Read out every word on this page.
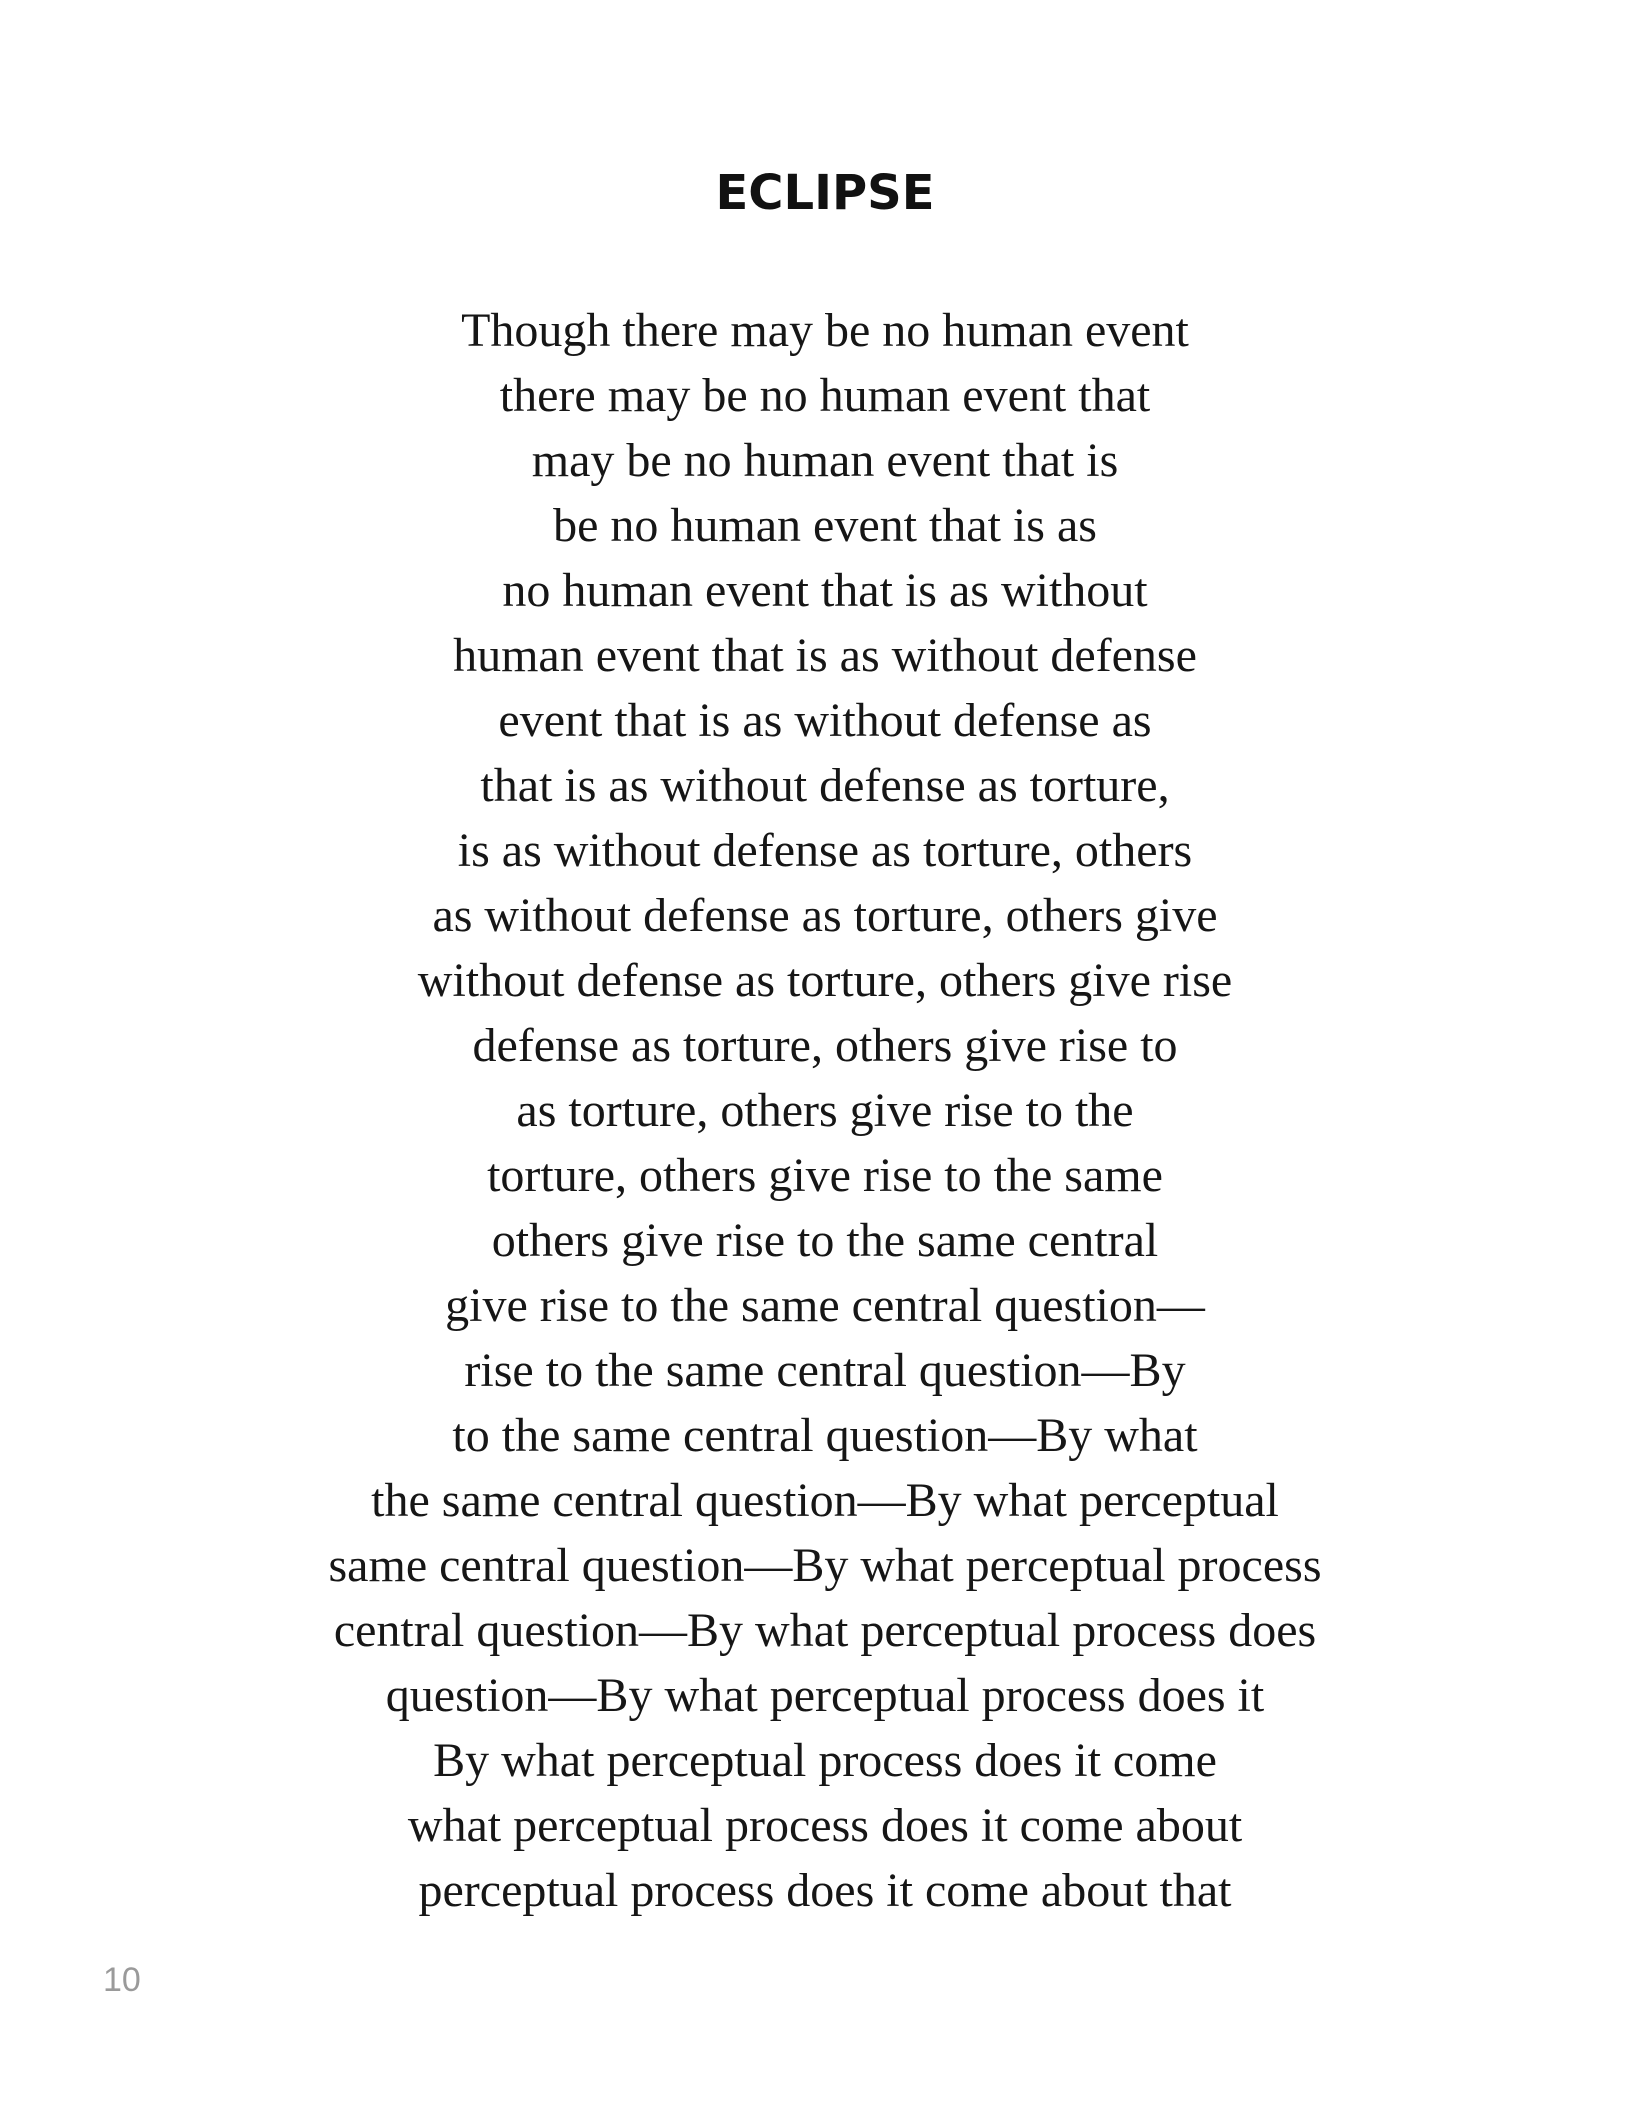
ECLIPSE
Though there may be no human event
there may be no human event that
may be no human event that is
be no human event that is as
no human event that is as without
human event that is as without defense
event that is as without defense as
that is as without defense as torture,
is as without defense as torture, others
as without defense as torture, others give
without defense as torture, others give rise
defense as torture, others give rise to
as torture, others give rise to the
torture, others give rise to the same
others give rise to the same central
give rise to the same central question—
rise to the same central question—By
to the same central question—By what
the same central question—By what perceptual
same central question—By what perceptual process
central question—By what perceptual process does
question—By what perceptual process does it
By what perceptual process does it come
what perceptual process does it come about
perceptual process does it come about that
10
